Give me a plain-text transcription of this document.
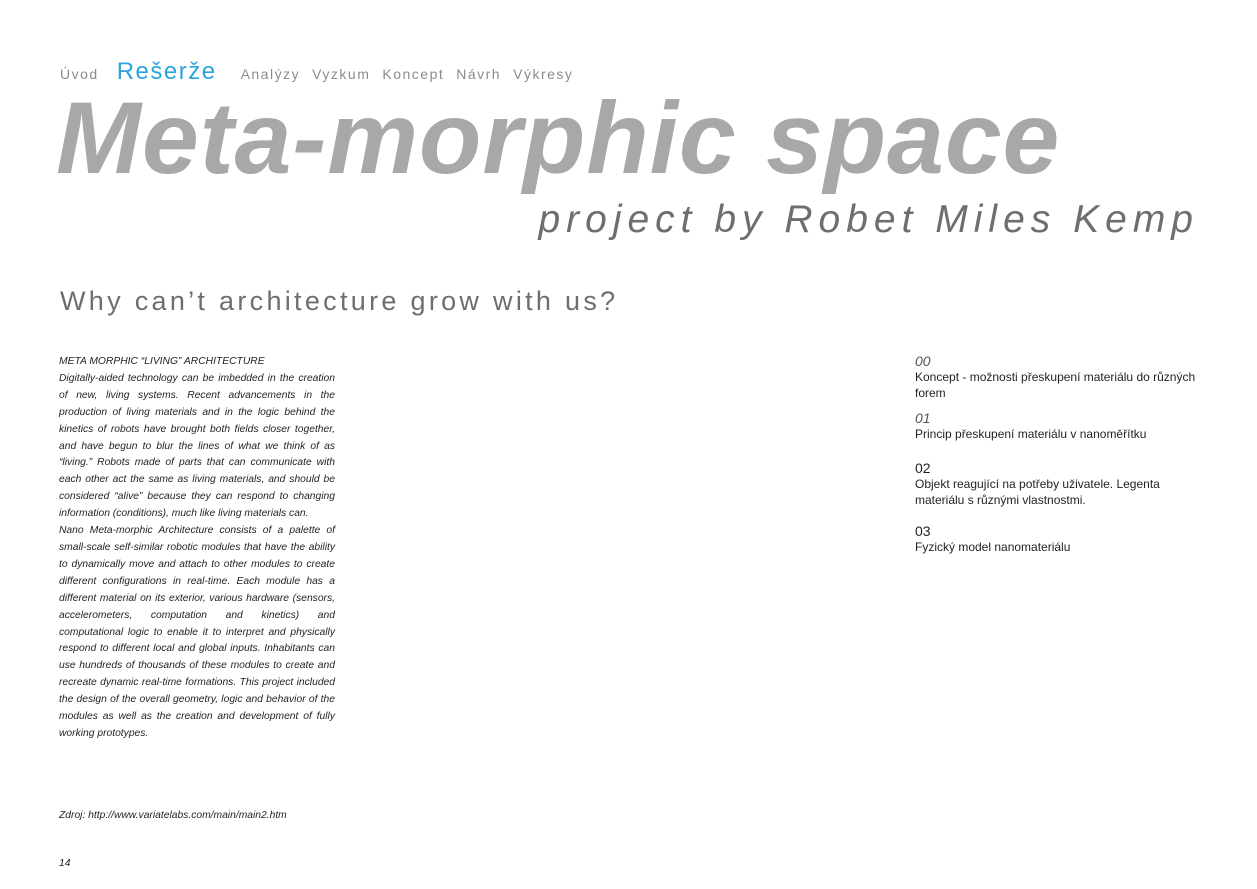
Úvod Rešerže Analýzy Vyzkum Koncept Návrh Výkresy
Meta-morphic space
project by Robet Miles Kemp
Why can’t architecture grow with us?

META MORPHIC “LIVING” ARCHITECTURE

Digitally-aided technology can be imbedded in the creation of new, living systems. Recent advancements in the production of living materials and in the logic behind the kinetics of robots have brought both fields closer together, and have begun to blur the lines of what we think of as “living.” Robots made of parts that can communicate with each other act the same as living materials, and should be considered “alive” because they can respond to changing information (conditions), much like living materials can.

Nano Meta-morphic Architecture consists of a palette of small-scale self-similar robotic modules that have the ability to dynamically move and attach to other modules to create different configurations in real-time. Each module has a different material on its exterior, various hardware (sensors, accelerometers, computation and kinetics) and computational logic to enable it to interpret and physically respond to different local and global inputs. Inhabitants can use hundreds of thousands of these modules to create and recreate dynamic real-time formations. This project included the design of the overall geometry, logic and behavior of the modules as well as the creation and development of fully working prototypes.

Zdroj: http://www.variatelabs.com/main/main2.htm
14
00
Koncept - možnosti přeskupení materiálu do různých forem
01
Princip přeskupení materiálu v nanoměřítku
02
Objekt reagující na potřeby uživatele. Legenta materiálu s různými vlastnostmi.
03
Fyzický model nanomateriálu
